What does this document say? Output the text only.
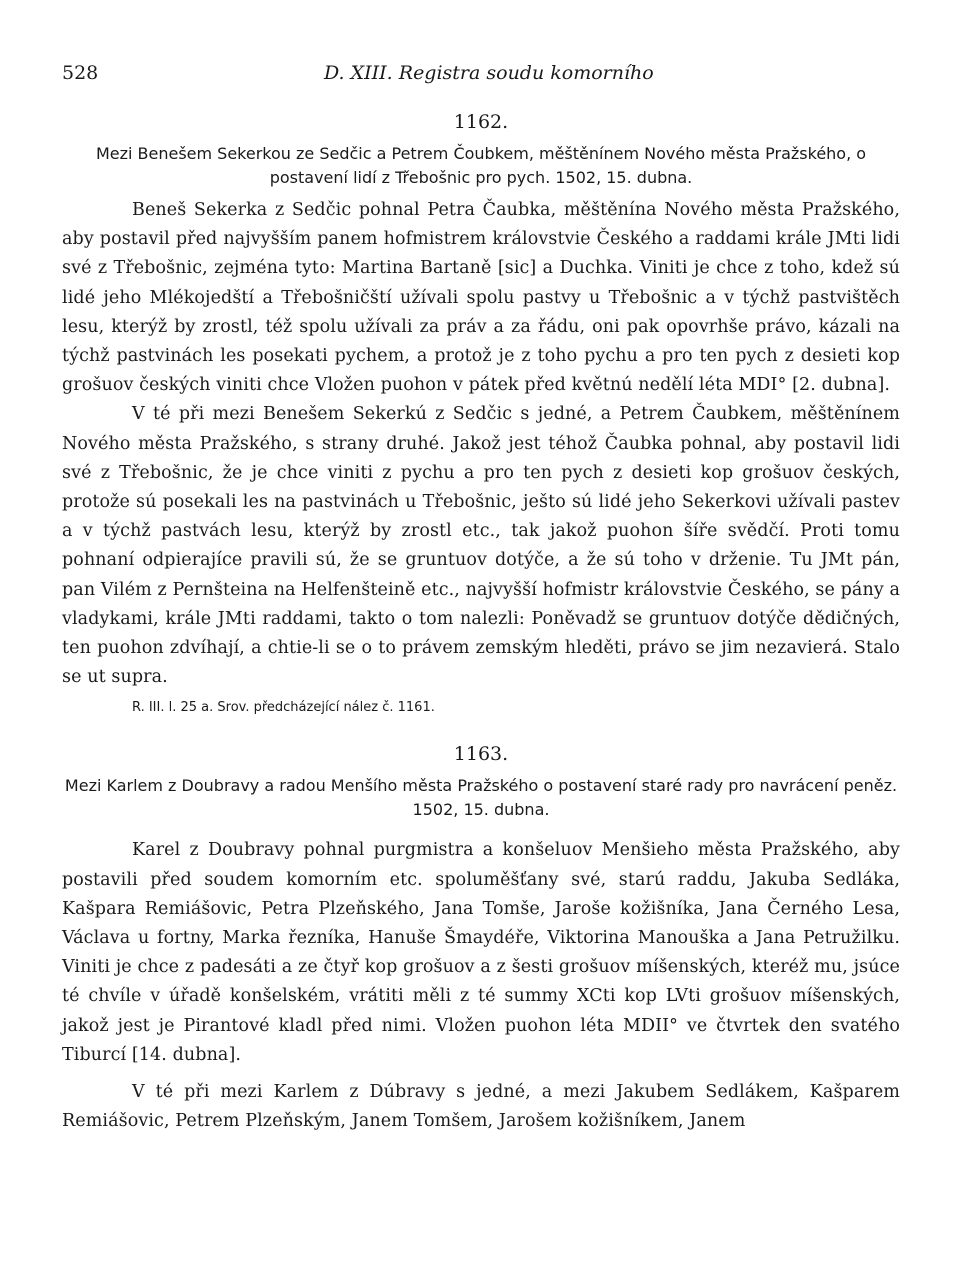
528	D. XIII. Registra soudu komorního
1162.
Mezi Benešem Sekerkou ze Sedčic a Petrem Čoubkem, měštěnínem Nového města Pražského, o postavení lidí z Třebošnic pro pych. 1502, 15. dubna.

Beneš Sekerka z Sedčic pohnal Petra Čaubka, měštěnína Nového města Pražského, aby postavil před najvyšším panem hofmistrem královstvie Českého a raddami krále JMti lidi své z Třebošnic, zejména tyto: Martina Bartaně [sic] a Duchka. Viniti je chce z toho, kdež sú lidé jeho Mlékojedští a Třebošničští užívali spolu pastvy u Třebošnic a v týchž pastvištěch lesu, kterýž by zrostl, též spolu užívali za práv a za řádu, oni pak opovrhše právo, kázali na týchž pastvinách les posekati pychem, a protož je z toho pychu a pro ten pych z desieti kop grošuov českých viniti chce Vložen puohon v pátek před květnú nedělí léta MDI° [2. dubna].

V té při mezi Benešem Sekerkú z Sedčic s jedné, a Petrem Čaubkem, měštěnínem Nového města Pražského, s strany druhé. Jakož jest téhož Čaubka pohnal, aby postavil lidi své z Třebošnic, že je chce viniti z pychu a pro ten pych z desieti kop grošuov českých, protože sú posekali les na pastvinách u Třebošnic, ješto sú lidé jeho Sekerkovi užívali pastev a v týchž pastvách lesu, kterýž by zrostl etc., tak jakož puohon šíře svědčí. Proti tomu pohnaní odpierajíce pravili sú, že se gruntuov dotýče, a že sú toho v drženie. Tu JMt pán, pan Vilém z Pernšteina na Helfenšteině etc., najvyšší hofmistr královstvie Českého, se pány a vladykami, krále JMti raddami, takto o tom nalezli: Poněvadž se gruntuov dotýče dědičných, ten puohon zdvíhají, a chtie-li se o to právem zemským hleděti, právo se jim nezavierá. Stalo se ut supra.

R. III. l. 25 a. Srov. předcházející nález č. 1161.
1163.
Mezi Karlem z Doubravy a radou Menšího města Pražského o postavení staré rady pro navrácení peněz. 1502, 15. dubna.

Karel z Doubravy pohnal purgmistra a konšeluov Menšieho města Pražského, aby postavili před soudem komorním etc. spoluměšťany své, starú raddu, Jakuba Sedláka, Kašpara Remiášovic, Petra Plzeňského, Jana Tomše, Jaroše kožišníka, Jana Černého Lesa, Václava u fortny, Marka řezníka, Hanuše Šmaydéře, Viktorina Manouška a Jana Petružilku. Viniti je chce z padesáti a ze čtyř kop grošuov a z šesti grošuov míšenských, kteréž mu, jsúce té chvíle v úřadě konšelském, vrátiti měli z té summy XCti kop LVti grošuov míšenských, jakož jest je Pirantové kladl před nimi. Vložen puohon léta MDII° ve čtvrtek den svatého Tiburcí [14. dubna].

V té při mezi Karlem z Dúbravy s jedné, a mezi Jakubem Sedlákem, Kašparem Remiášovic, Petrem Plzeňským, Janem Tomšem, Jarošem kožišníkem, Janem
